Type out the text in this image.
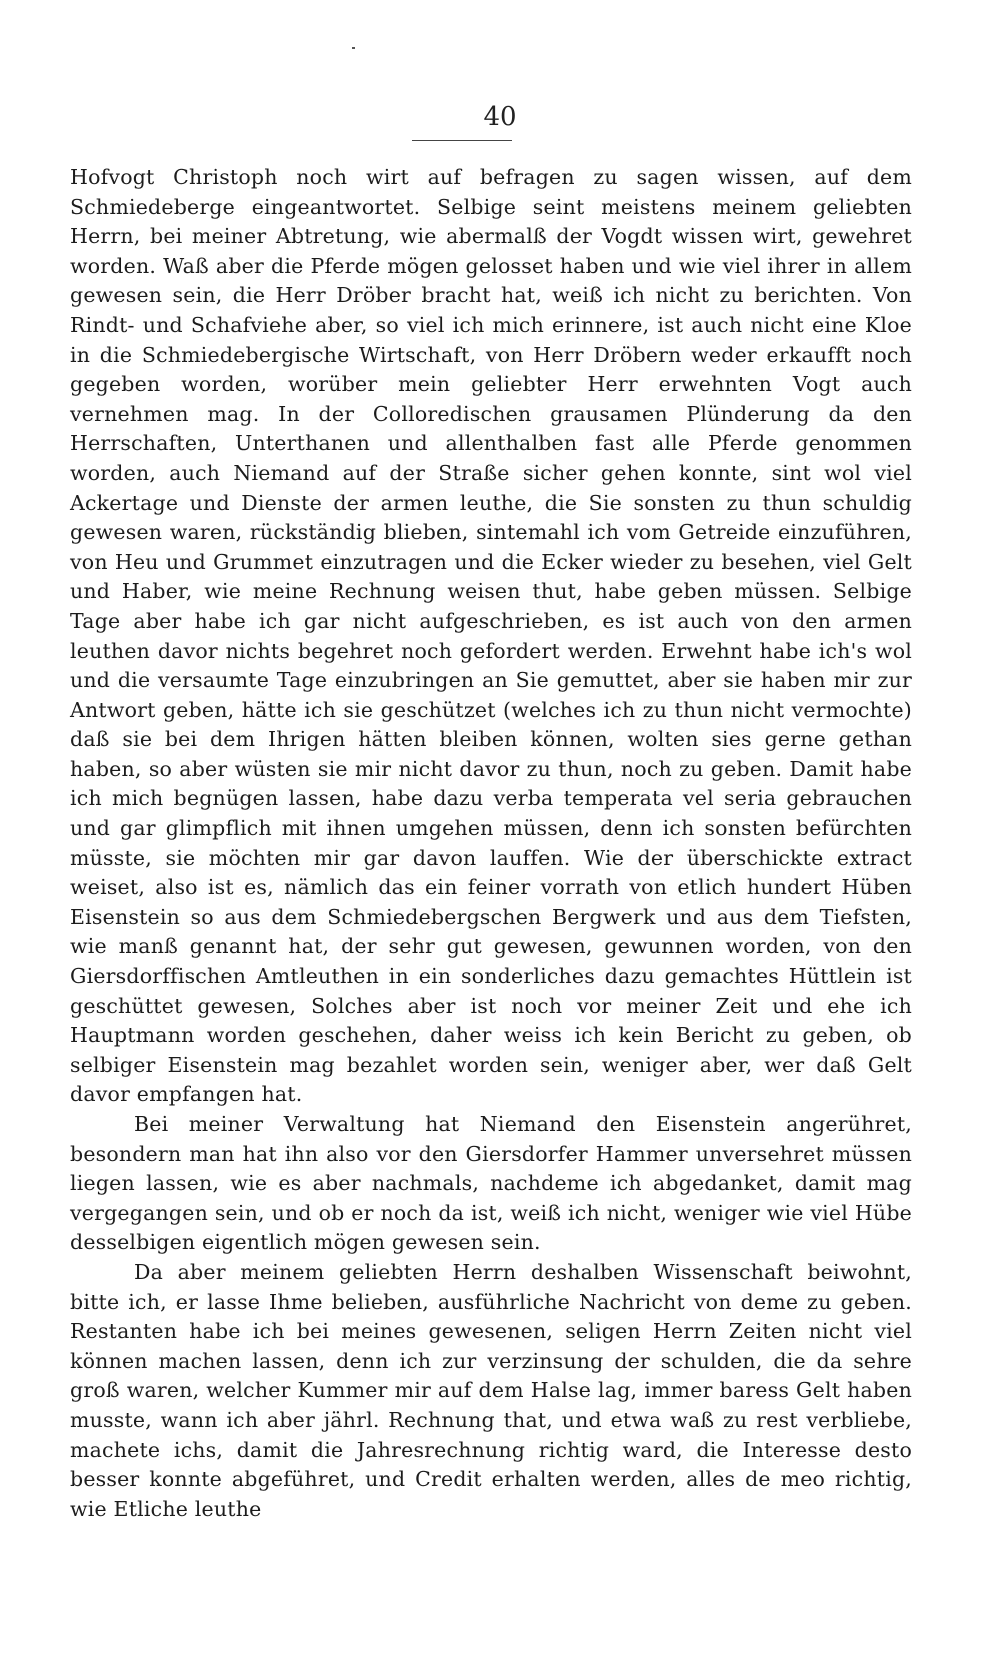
40

Hofvogt Christoph noch wirt auf befragen zu sagen wissen, auf dem Schmiedeberge eingeantwortet. Selbige seint meistens meinem geliebten Herrn, bei meiner Abtretung, wie abermalß der Vogdt wissen wirt, gewehret worden. Waß aber die Pferde mögen gelosset haben und wie viel ihrer in allem gewesen sein, die Herr Dröber bracht hat, weiß ich nicht zu berichten. Von Rindt- und Schafviehe aber, so viel ich mich erinnere, ist auch nicht eine Kloe in die Schmiedebergische Wirtschaft, von Herr Dröbern weder erkaufft noch gegeben worden, worüber mein geliebter Herr erwehnten Vogt auch vernehmen mag. In der Colloredischen grausamen Plünderung da den Herrschaften, Unterthanen und allenthalben fast alle Pferde genommen worden, auch Niemand auf der Straße sicher gehen konnte, sint wol viel Ackertage und Dienste der armen leuthe, die Sie sonsten zu thun schuldig gewesen waren, rückständig blieben, sintemahl ich vom Getreide einzuführen, von Heu und Grummet einzutragen und die Ecker wieder zu besehen, viel Gelt und Haber, wie meine Rechnung weisen thut, habe geben müssen. Selbige Tage aber habe ich gar nicht aufgeschrieben, es ist auch von den armen leuthen davor nichts begehret noch gefordert werden. Erwehnt habe ich's wol und die versaumte Tage einzubringen an Sie gemuttet, aber sie haben mir zur Antwort geben, hätte ich sie geschützet (welches ich zu thun nicht vermochte) daß sie bei dem Ihrigen hätten bleiben können, wolten sies gerne gethan haben, so aber wüsten sie mir nicht davor zu thun, noch zu geben. Damit habe ich mich begnügen lassen, habe dazu verba temperata vel seria gebrauchen und gar glimpflich mit ihnen umgehen müssen, denn ich sonsten befürchten müsste, sie möchten mir gar davon lauffen. Wie der überschickte extract weiset, also ist es, nämlich das ein feiner vorrath von etlich hundert Hüben Eisenstein so aus dem Schmiedebergschen Bergwerk und aus dem Tiefsten, wie manß genannt hat, der sehr gut gewesen, gewunnen worden, von den Giersdorffischen Amtleuthen in ein sonderliches dazu gemachtes Hüttlein ist geschüttet gewesen, Solches aber ist noch vor meiner Zeit und ehe ich Hauptmann worden geschehen, daher weiss ich kein Bericht zu geben, ob selbiger Eisenstein mag bezahlet worden sein, weniger aber, wer daß Gelt davor empfangen hat.

Bei meiner Verwaltung hat Niemand den Eisenstein angerühret, besondern man hat ihn also vor den Giersdorfer Hammer unversehret müssen liegen lassen, wie es aber nachmals, nachdeme ich abgedanket, damit mag vergegangen sein, und ob er noch da ist, weiß ich nicht, weniger wie viel Hübe desselbigen eigentlich mögen gewesen sein.

Da aber meinem geliebten Herrn deshalben Wissenschaft beiwohnt, bitte ich, er lasse Ihme belieben, ausführliche Nachricht von deme zu geben. Restanten habe ich bei meines gewesenen, seligen Herrn Zeiten nicht viel können machen lassen, denn ich zur verzinsung der schulden, die da sehre groß waren, welcher Kummer mir auf dem Halse lag, immer baress Gelt haben musste, wann ich aber jährl. Rechnung that, und etwa waß zu rest verbliebe, machete ichs, damit die Jahresrechnung richtig ward, die Interesse desto besser konnte abgeführet, und Credit erhalten werden, alles de meo richtig, wie Etliche leuthe
